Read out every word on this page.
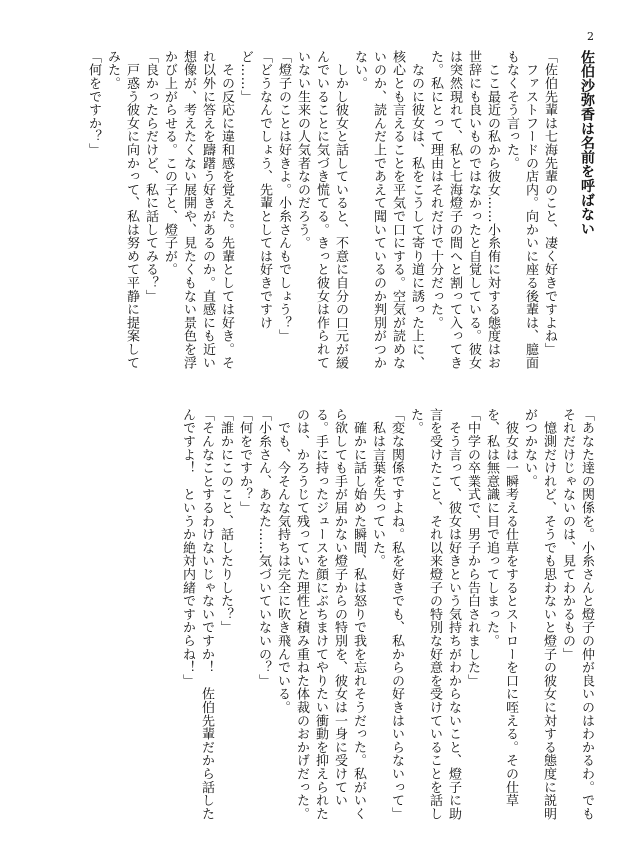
2

佐伯沙弥香は名前を呼ばない

「佐伯先輩は七海先輩のこと、凄く好きですよね」

　ファストフードの店内。向かいに座る後輩は、臆面もなくそう言った。

　ここ最近の私から彼女……小糸侑に対する態度はお世辞にも良いものではなかったと自覚している。彼女は突然現れて、私と七海燈子の間へと割って入ってきた。私にとって理由はそれだけで十分だった。

　なのに彼女は、私をこうして寄り道に誘った上に、核心とも言えることを平気で口にする。空気が読めないのか、読んだ上であえて聞いているのか判別がつかない。

　しかし彼女と話していると、不意に自分の口元が緩んでいることに気づき慌てる。きっと彼女は作られていない生来の人気者なのだろう。

「燈子のことは好きよ。小糸さんもでしょう？」

「どうなんでしょう、先輩としては好きですけど……」

　その反応に違和感を覚えた。先輩としては好き。それ以外に答えを躊躇う好きがあるのか。直感にも近い想像が、考えたくない展開や、見たくもない景色を浮かび上がらせる。この子と、燈子が。

「良かったらだけど、私に話してみる？」

　戸惑う彼女に向かって、私は努めて平静に提案してみた。

「何をですか？」

「あなた達の関係を。小糸さんと燈子の仲が良いのはわかるわ。でもそれだけじゃないのは、見てわかるもの」

　憶測だけれど、そうでも思わないと燈子の彼女に対する態度に説明がつかない。

　彼女は一瞬考える仕草をするとストローを口に咥える。その仕草を、私は無意識に目で追ってしまった。

「中学の卒業式で、男子から告白されました」

　そう言って、彼女は好きという気持ちがわからないこと、燈子に助言を受けたこと、それ以来燈子の特別な好意を受けていることを話した。

「変な関係ですよね。私を好きでも、私からの好きはいらないって」

　私は言葉を失っていた。

　確かに話し始めた瞬間、私は怒りで我を忘れそうだった。私がいくら欲しても手が届かない燈子からの特別を、彼女は一身に受けている。手に持ったジュースを顔にぶちまけてやりたい衝動を抑えられたのは、かろうじて残っていた理性と積み重ねた体裁のおかげだった。

　でも、今そんな気持ちは完全に吹き飛んでいる。

「小糸さん、あなた……気づいていないの？」

「何をですか？」

「誰かにこのこと、話したりした？」

「そんなことするわけないじゃないですか！　佐伯先輩だから話したんですよ！　というか絶対内緒ですからね！」
